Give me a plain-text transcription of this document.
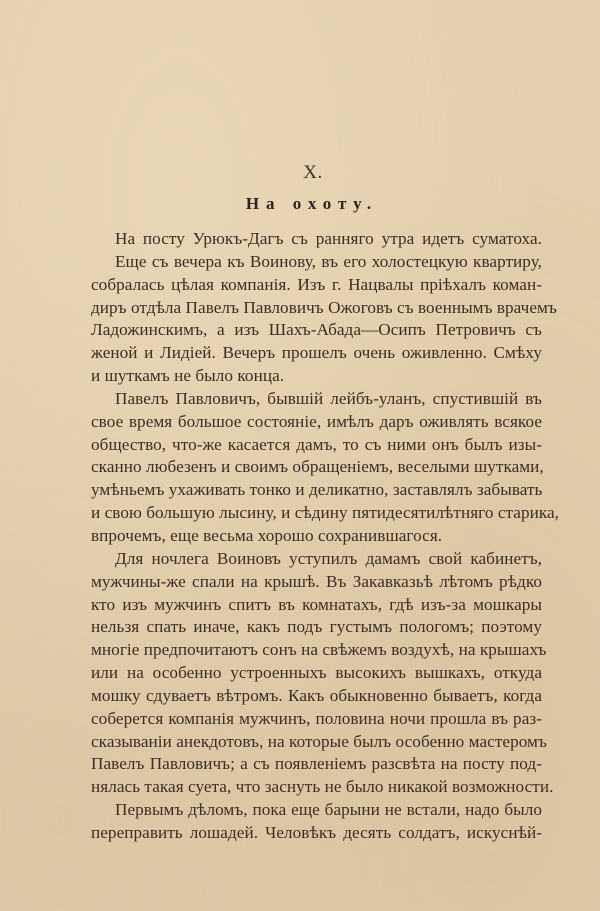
X.
На охоту.
На посту Урюкъ-Дагъ съ ранняго утра идетъ суматоха.
Еще съ вечера къ Воинову, въ его холостецкую квартиру,
собралась цѣлая компанія. Изъ г. Нацвалы пріѣхалъ коман-
диръ отдѣла Павелъ Павловичъ Ожоговъ съ военнымъ врачемъ
Ладожинскимъ, а изъ Шахъ-Абада—Осипъ Петровичъ съ
женой и Лидіей. Вечеръ прошелъ очень оживленно. Смѣху
и шуткамъ не было конца.
Павелъ Павловичъ, бывшій лейбъ-уланъ, спустившій въ
свое время большое состояніе, имѣлъ даръ оживлять всякое
общество, что-же касается дамъ, то съ ними онъ былъ изы-
сканно любезенъ и своимъ обращеніемъ, веселыми шутками,
умѣньемъ ухаживать тонко и деликатно, заставлялъ забывать
и свою большую лысину, и сѣдину пятидесятилѣтняго старика,
впрочемъ, еще весьма хорошо сохранившагося.
Для ночлега Воиновъ уступилъ дамамъ свой кабинетъ,
мужчины-же спали на крышѣ. Въ Закавказьѣ лѣтомъ рѣдко
кто изъ мужчинъ спитъ въ комнатахъ, гдѣ изъ-за мошкары
нельзя спать иначе, какъ подъ густымъ пологомъ; поэтому
многіе предпочитаютъ сонъ на свѣжемъ воздухѣ, на крышахъ
или на особенно устроенныхъ высокихъ вышкахъ, откуда
мошку сдуваетъ вѣтромъ. Какъ обыкновенно бываетъ, когда
соберется компанія мужчинъ, половина ночи прошла въ раз-
сказываніи анекдотовъ, на которые былъ особенно мастеромъ
Павелъ Павловичъ; а съ появленіемъ разсвѣта на посту под-
нялась такая суета, что заснуть не было никакой возможности.
Первымъ дѣломъ, пока еще барыни не встали, надо было
переправить лошадей. Человѣкъ десять солдатъ, искуснѣй-
